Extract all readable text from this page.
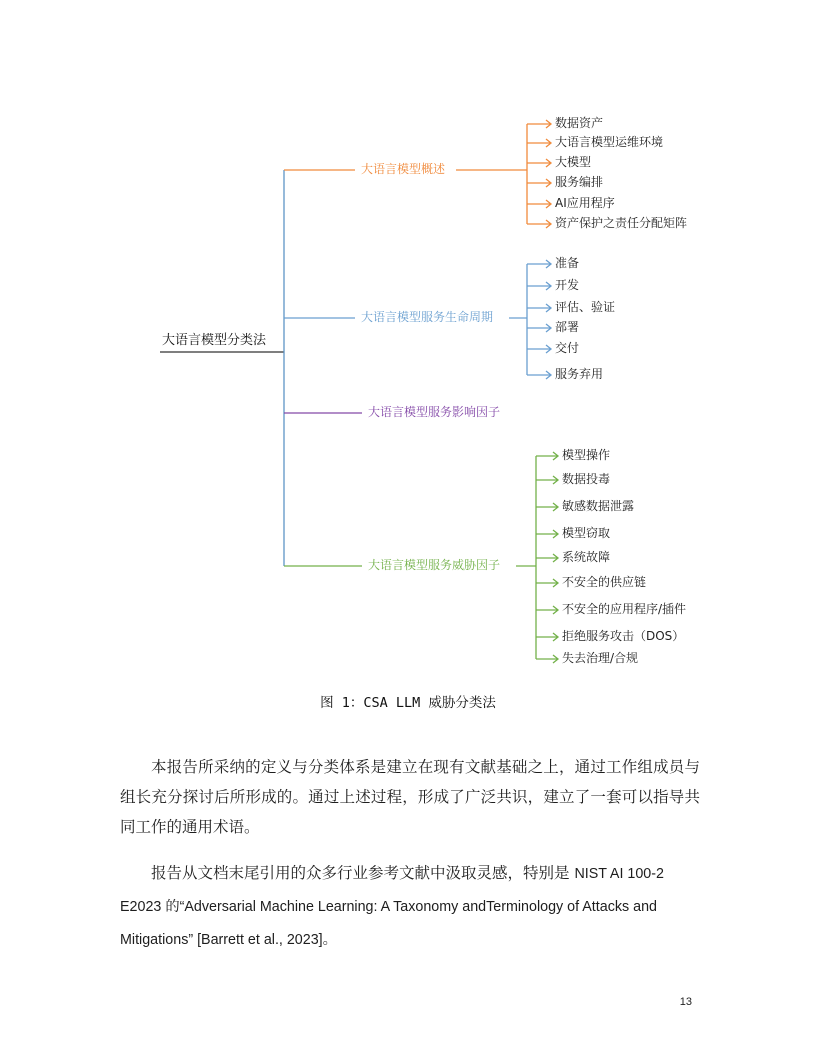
大语言模型分类法
大语言模型概述
数据资产
大语言模型运维环境
大模型
服务编排
AI应用程序
资产保护之责任分配矩阵
大语言模型服务生命周期
准备
开发
评估、验证
部署
交付
服务弃用
大语言模型服务影响因子
大语言模型服务威胁因子
模型操作
数据投毒
敏感数据泄露
模型窃取
系统故障
不安全的供应链
不安全的应用程序/插件
拒绝服务攻击（DOS）
失去治理/合规
图 1：CSA LLM 威胁分类法

本报告所采纳的定义与分类体系是建立在现有文献基础之上，通过工作组成员与组长充分探讨后所形成的。通过上述过程，形成了广泛共识，建立了一套可以指导共同工作的通用术语。

报告从文档末尾引用的众多行业参考文献中汲取灵感，特别是 NIST AI 100-2 E2023 的“Adversarial Machine Learning: A Taxonomy andTerminology of Attacks and Mitigations” [Barrett et al., 2023]。

13
